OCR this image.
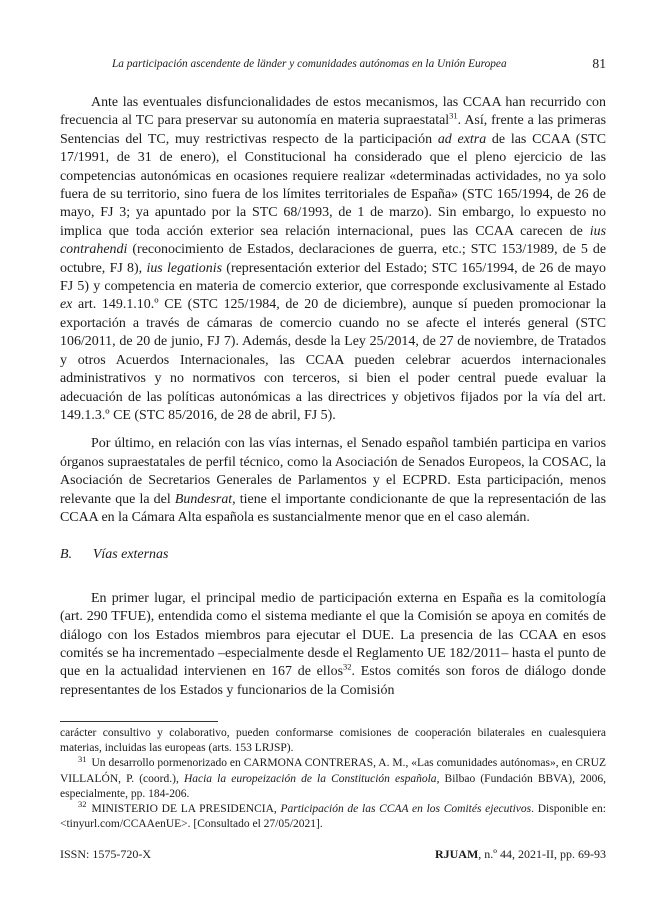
La participación ascendente de länder y comunidades autónomas en la Unión Europea	81

Ante las eventuales disfuncionalidades de estos mecanismos, las CCAA han recurrido con frecuencia al TC para preservar su autonomía en materia supraestatal$^{31}$. Así, frente a las primeras Sentencias del TC, muy restrictivas respecto de la participación ad extra de las CCAA (STC 17/1991, de 31 de enero), el Constitucional ha considerado que el pleno ejercicio de las competencias autonómicas en ocasiones requiere realizar «determinadas actividades, no ya solo fuera de su territorio, sino fuera de los límites territoriales de España» (STC 165/1994, de 26 de mayo, FJ 3; ya apuntado por la STC 68/1993, de 1 de marzo). Sin embargo, lo expuesto no implica que toda acción exterior sea relación internacional, pues las CCAA carecen de ius contrahendi (reconocimiento de Estados, declaraciones de guerra, etc.; STC 153/1989, de 5 de octubre, FJ 8), ius legationis (representación exterior del Estado; STC 165/1994, de 26 de mayo FJ 5) y competencia en materia de comercio exterior, que corresponde exclusivamente al Estado ex art. 149.1.10.º CE (STC 125/1984, de 20 de diciembre), aunque sí pueden promocionar la exportación a través de cámaras de comercio cuando no se afecte el interés general (STC 106/2011, de 20 de junio, FJ 7). Además, desde la Ley 25/2014, de 27 de noviembre, de Tratados y otros Acuerdos Internacionales, las CCAA pueden celebrar acuerdos internacionales administrativos y no normativos con terceros, si bien el poder central puede evaluar la adecuación de las políticas autonómicas a las directrices y objetivos fijados por la vía del art. 149.1.3.º CE (STC 85/2016, de 28 de abril, FJ 5).

Por último, en relación con las vías internas, el Senado español también participa en varios órganos supraestatales de perfil técnico, como la Asociación de Senados Europeos, la COSAC, la Asociación de Secretarios Generales de Parlamentos y el ECPRD. Esta participación, menos relevante que la del Bundesrat, tiene el importante condicionante de que la representación de las CCAA en la Cámara Alta española es sustancialmente menor que en el caso alemán.

B. Vías externas

En primer lugar, el principal medio de participación externa en España es la comitología (art. 290 TFUE), entendida como el sistema mediante el que la Comisión se apoya en comités de diálogo con los Estados miembros para ejecutar el DUE. La presencia de las CCAA en esos comités se ha incrementado –especialmente desde el Reglamento UE 182/2011– hasta el punto de que en la actualidad intervienen en 167 de ellos$^{32}$. Estos comités son foros de diálogo donde representantes de los Estados y funcionarios de la Comisión

carácter consultivo y colaborativo, pueden conformarse comisiones de cooperación bilaterales en cualesquiera materias, incluidas las europeas (arts. 153 LRJSP).

$^{31}$ Un desarrollo pormenorizado en CARMONA CONTRERAS, A. M., «Las comunidades autónomas», en CRUZ VILLALÓN, P. (coord.), Hacia la europeización de la Constitución española, Bilbao (Fundación BBVA), 2006, especialmente, pp. 184-206.

$^{32}$ MINISTERIO DE LA PRESIDENCIA, Participación de las CCAA en los Comités ejecutivos. Disponible en: <tinyurl.com/CCAAenUE>. [Consultado el 27/05/2021].

ISSN: 1575-720-X	RJUAM, n.º 44, 2021-II, pp. 69-93
